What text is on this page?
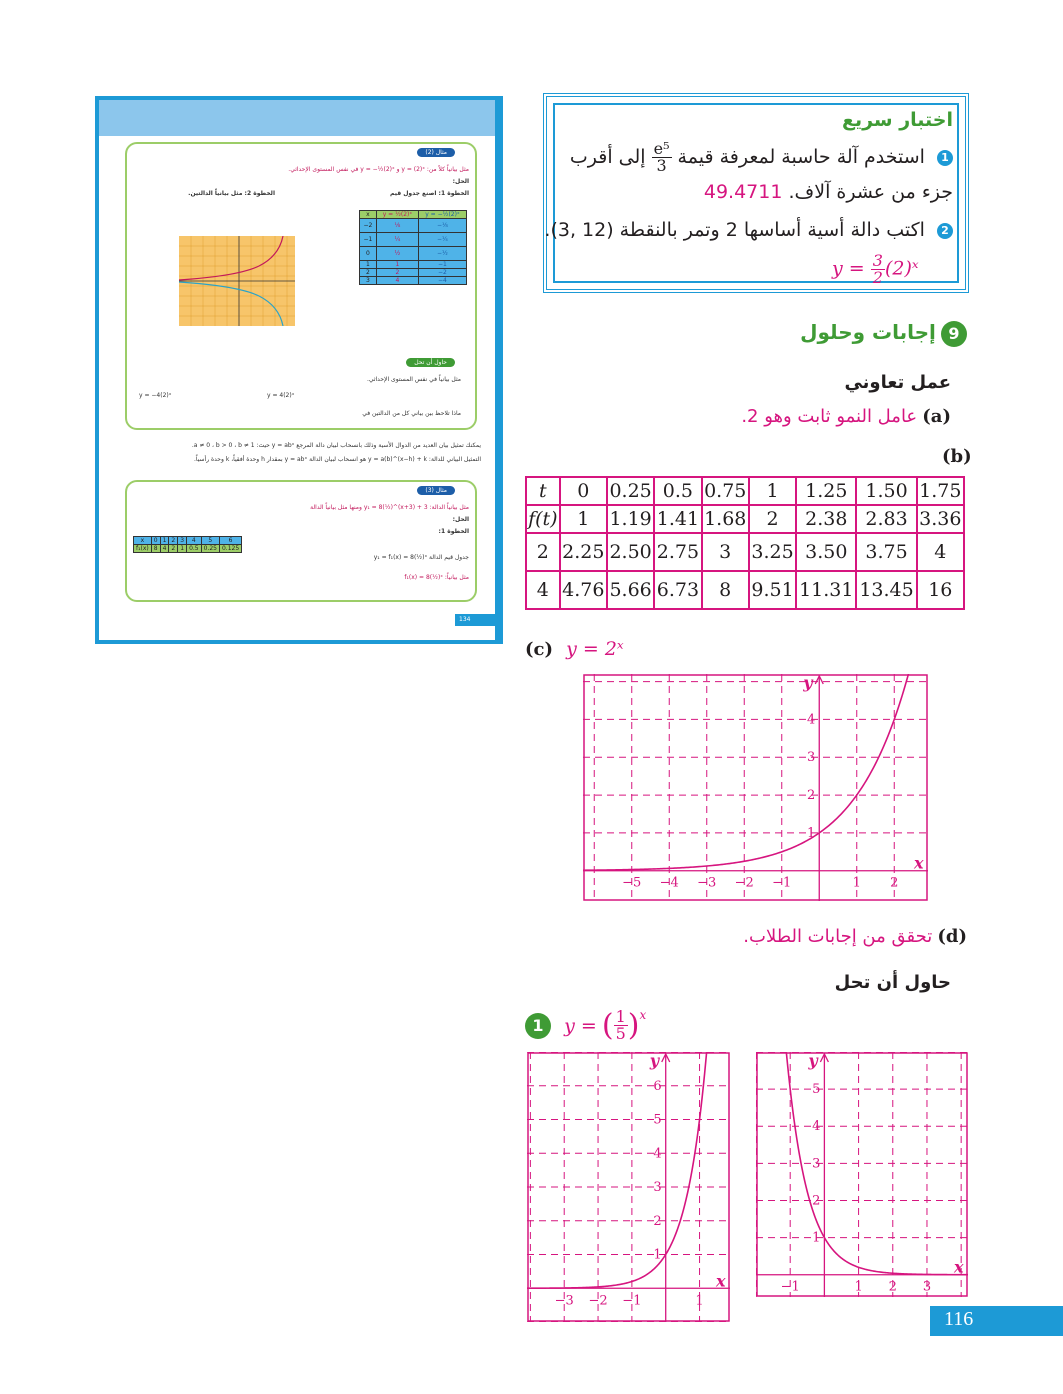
اختبار سريع
1 استخدم آلة حاسبة لمعرفة قيمة
$\frac{\text{e⁵}}{3}$
إلى أقرب
جزء من عشرة آلاف. 49.4711
2 اكتب دالة أسية أساسها 2 وتمر بالنقطة (12 ,3).
$y = \frac{3}{2}$ (2)ˣ
9 إجابات وحلول
عمل تعاوني
(a) عامل النمو ثابت وهو 2.
(b)
t	0	0.25	0.5	0.75	1	1.25	1.50	1.75
f(t)	1	1.19	1.41	1.68	2	2.38	2.83	3.36
2	2.25	2.50	2.75	3	3.25	3.50	3.75	4
4	4.76	5.66	6.73	8	9.51	11.31	13.45	16
(c) y = 2ˣ
x
y
−5 −4 −3 −2 −1	1 2
1
2
3
4
(d) تحقق من إجابات الطلاب.
حاول أن تحل
1 y = ( $\frac{1}{5} )^x$
x
y
−3 −2 −1	1
1
2
3
4
5
6
x
y
−1	1 2 3
1
2
3
4
5
116
مثال (2)
مثل بيانياً كلاً من: y = (2)ˣ و y = −½(2)ˣ في نفس المستوى الإحداثي.
الحل:
الخطوة 1: اصنع جدول قيم
الخطوة 2: مثل بيانياً الدالتين.
x	y = ½(2)ˣ	y = −½(2)ˣ
−2	⅛	−⅛
−1	¼	−¼
0	½	−½
1	1	−1
2	2	−2
3	4	−4
حاول أن تحل
مثل بيانياً في نفس المستوى الإحداثي.
y = −4(2)ˣ	y = 4(2)ˣ
ماذا تلاحظ بين بياني كل من الدالتين في
يمكنك تمثيل بيان العديد من الدوال الأسية وذلك بانسحاب لبيان دالة المرجع y = abˣ حيث: a ≠ 0 ، b > 0 ، b ≠ 1.
التمثيل البياني للدالة: y = a(b)^(x−h) + k هو انسحاب لبيان الدالة y = abˣ بمقدار h وحدة أفقياً، k وحدة رأسياً.
مثال (3)
مثل بيانياً الدالة: y₁ = 8(½)^(x+3) + 3 ومنها مثل بيانياً الدالة
الحل:
الخطوة 1:
x	0	1	2	3	4	5	6
f₁(x)	8	4	2	1	0.5	0.25	0.125
جدول قيم الدالة y₁ = f₁(x) = 8(½)ˣ
مثل بيانياً: f₁(x) = 8(½)ˣ
134
